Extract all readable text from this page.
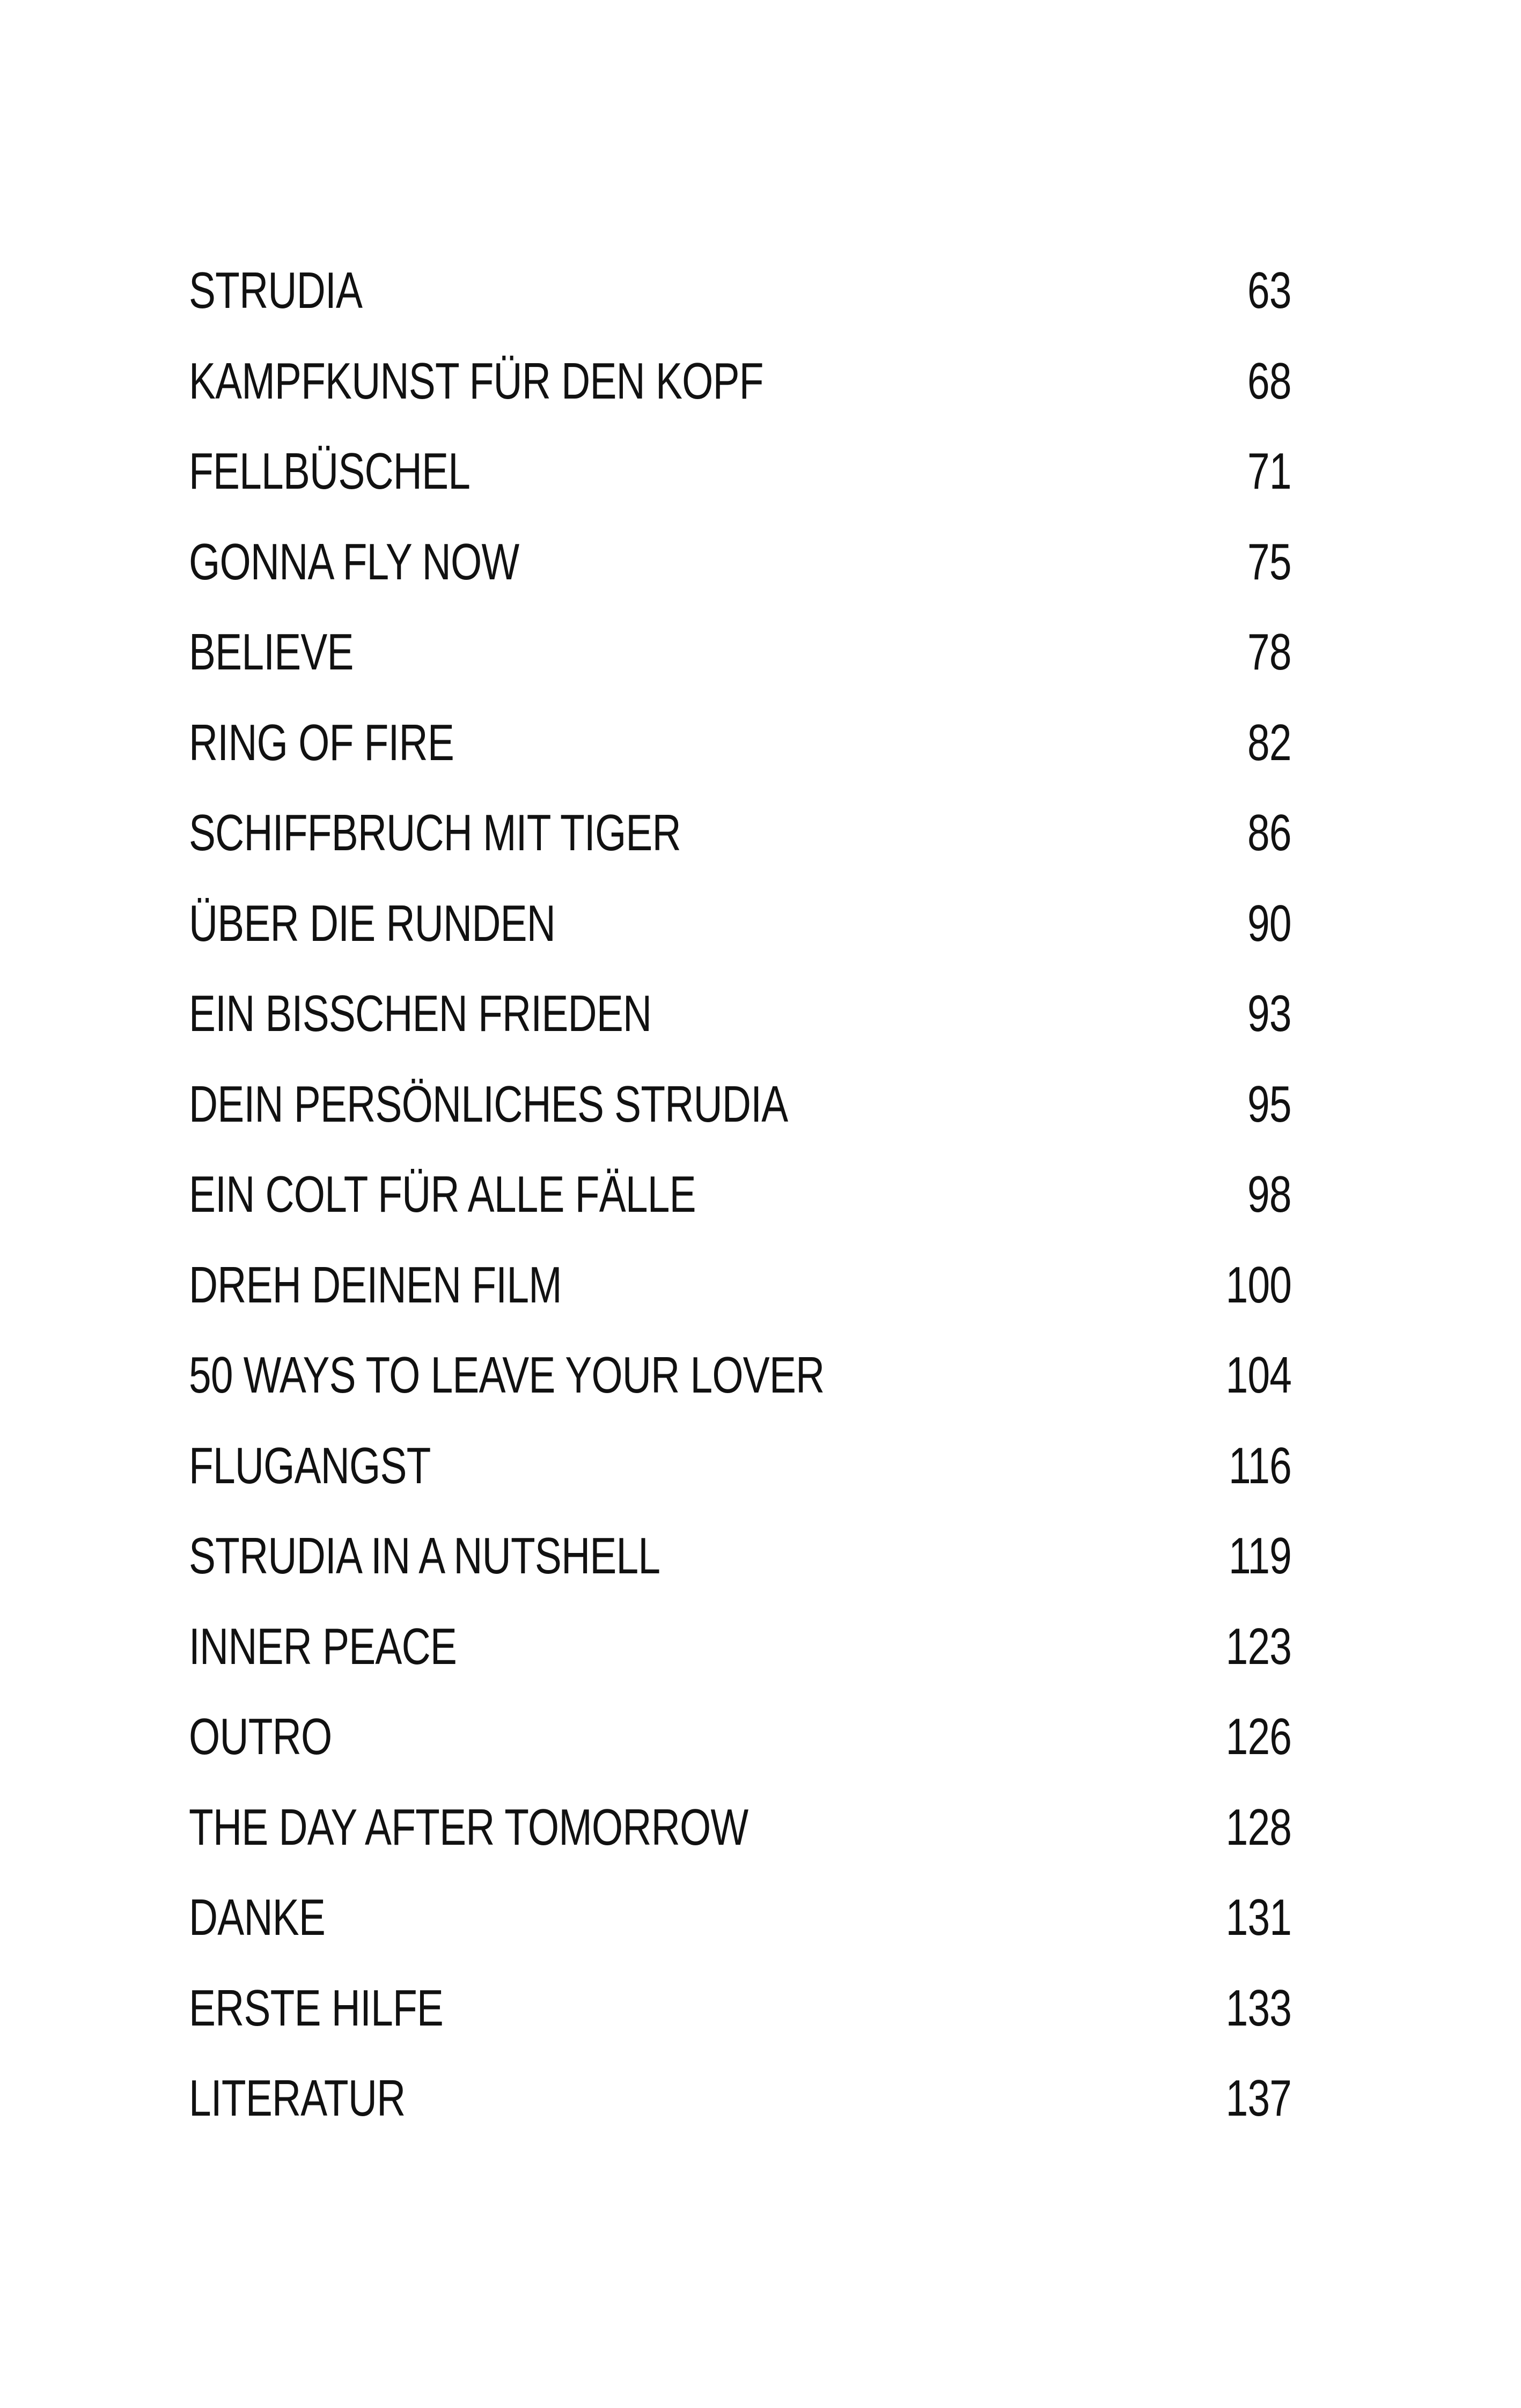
STRUDIA	63
KAMPFKUNST FÜR DEN KOPF	68
FELLBÜSCHEL	71
GONNA FLY NOW	75
BELIEVE	78
RING OF FIRE	82
SCHIFFBRUCH MIT TIGER	86
ÜBER DIE RUNDEN	90
EIN BISSCHEN FRIEDEN	93
DEIN PERSÖNLICHES STRUDIA	95
EIN COLT FÜR ALLE FÄLLE	98
DREH DEINEN FILM	100
50 WAYS TO LEAVE YOUR LOVER	104
FLUGANGST	116
STRUDIA IN A NUTSHELL	119
INNER PEACE	123
OUTRO	126
THE DAY AFTER TOMORROW	128
DANKE	131
ERSTE HILFE	133
LITERATUR	137
